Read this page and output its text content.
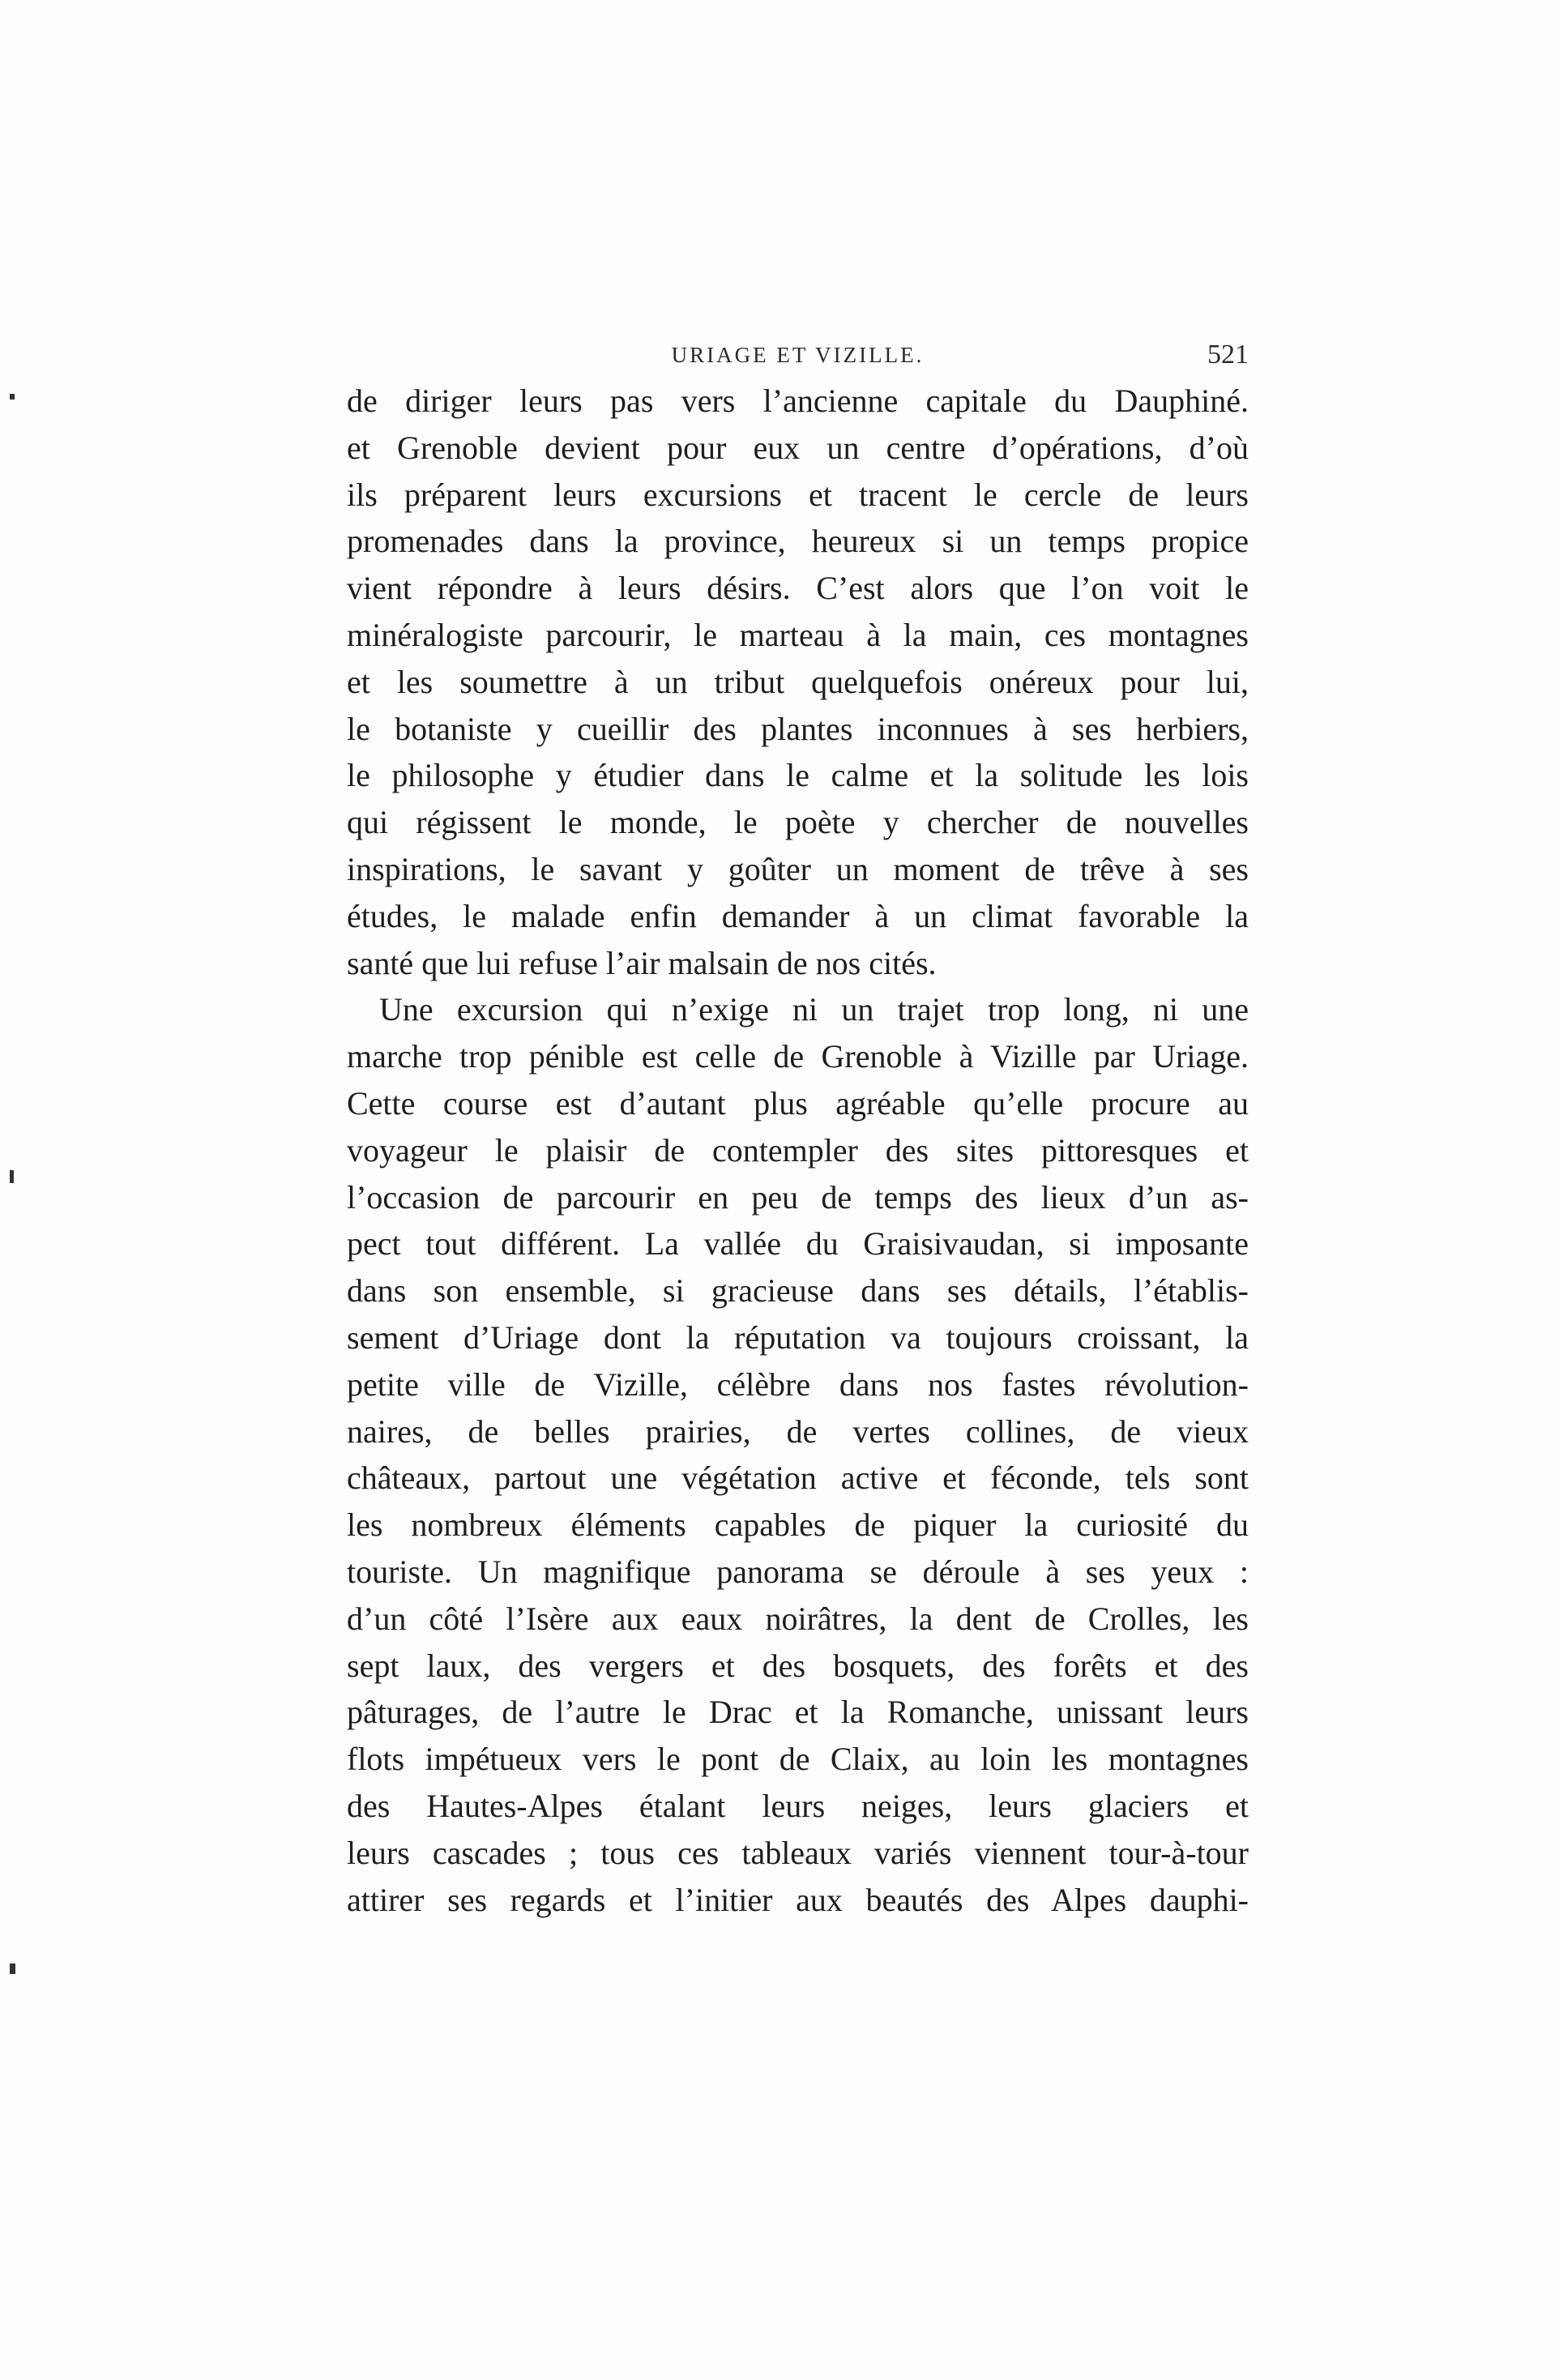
URIAGE ET VIZILLE.	521
de diriger leurs pas vers l’ancienne capitale du Dauphiné.
et Grenoble devient pour eux un centre d’opérations, d’où
ils préparent leurs excursions et tracent le cercle de leurs
promenades dans la province, heureux si un temps propice
vient répondre à leurs désirs. C’est alors que l’on voit le
minéralogiste parcourir, le marteau à la main, ces montagnes
et les soumettre à un tribut quelquefois onéreux pour lui,
le botaniste y cueillir des plantes inconnues à ses herbiers,
le philosophe y étudier dans le calme et la solitude les lois
qui régissent le monde, le poète y chercher de nouvelles
inspirations, le savant y goûter un moment de trêve à ses
études, le malade enfin demander à un climat favorable la
santé que lui refuse l’air malsain de nos cités.
Une excursion qui n’exige ni un trajet trop long, ni une
marche trop pénible est celle de Grenoble à Vizille par Uriage.
Cette course est d’autant plus agréable qu’elle procure au
voyageur le plaisir de contempler des sites pittoresques et
l’occasion de parcourir en peu de temps des lieux d’un as-
pect tout différent. La vallée du Graisivaudan, si imposante
dans son ensemble, si gracieuse dans ses détails, l’établis-
sement d’Uriage dont la réputation va toujours croissant, la
petite ville de Vizille, célèbre dans nos fastes révolution-
naires, de belles prairies, de vertes collines, de vieux
châteaux, partout une végétation active et féconde, tels sont
les nombreux éléments capables de piquer la curiosité du
touriste. Un magnifique panorama se déroule à ses yeux :
d’un côté l’Isère aux eaux noirâtres, la dent de Crolles, les
sept laux, des vergers et des bosquets, des forêts et des
pâturages, de l’autre le Drac et la Romanche, unissant leurs
flots impétueux vers le pont de Claix, au loin les montagnes
des Hautes-Alpes étalant leurs neiges, leurs glaciers et
leurs cascades ; tous ces tableaux variés viennent tour-à-tour
attirer ses regards et l’initier aux beautés des Alpes dauphi-
